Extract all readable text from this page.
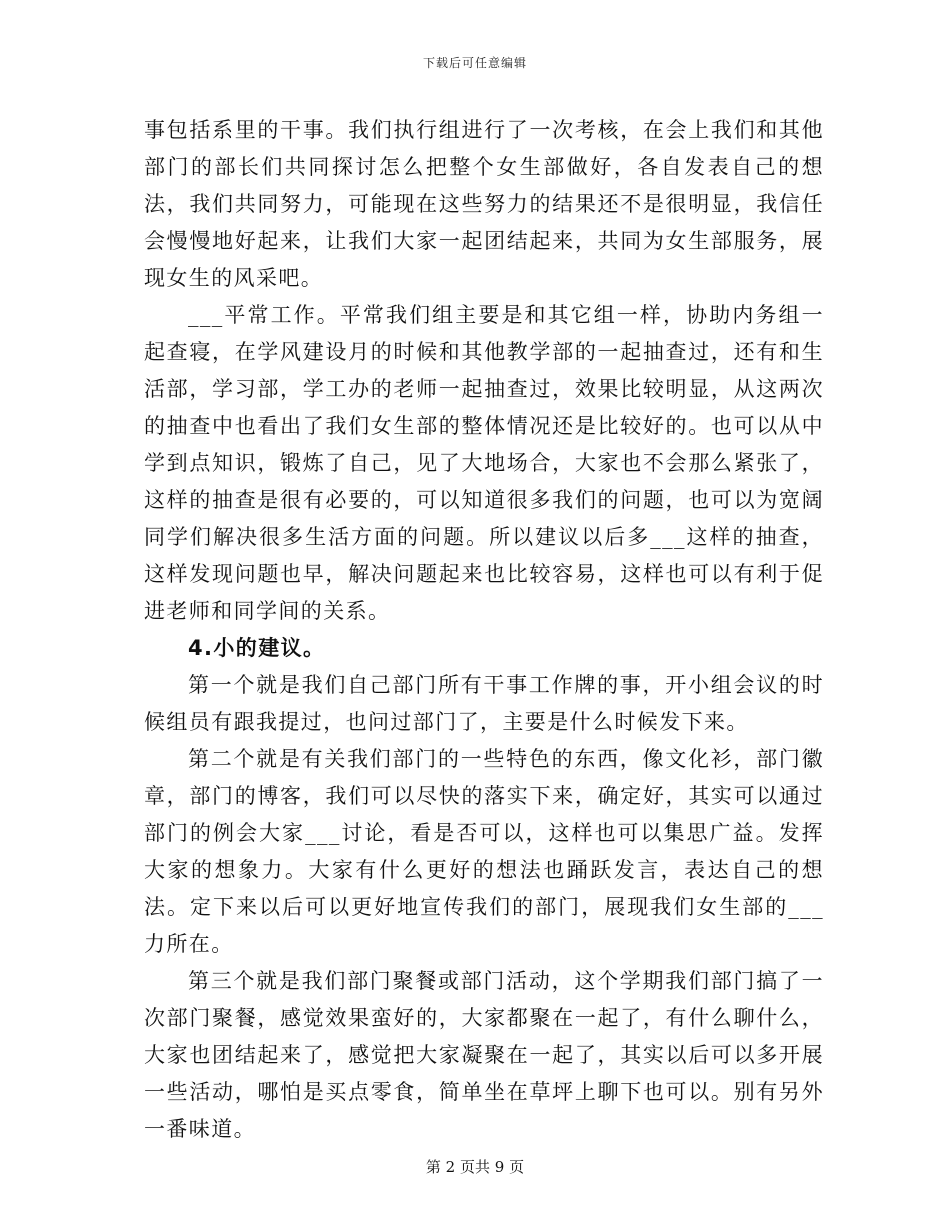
下载后可任意编辑

事包括系里的干事。我们执行组进行了一次考核，在会上我们和其他部门的部长们共同探讨怎么把整个女生部做好，各自发表自己的想法，我们共同努力，可能现在这些努力的结果还不是很明显，我信任会慢慢地好起来，让我们大家一起团结起来，共同为女生部服务，展现女生的风采吧。

___平常工作。平常我们组主要是和其它组一样，协助内务组一起查寝，在学风建设月的时候和其他教学部的一起抽查过，还有和生活部，学习部，学工办的老师一起抽查过，效果比较明显，从这两次的抽查中也看出了我们女生部的整体情况还是比较好的。也可以从中学到点知识，锻炼了自己，见了大地场合，大家也不会那么紧张了，这样的抽查是很有必要的，可以知道很多我们的问题，也可以为宽阔同学们解决很多生活方面的问题。所以建议以后多___这样的抽查，这样发现问题也早，解决问题起来也比较容易，这样也可以有利于促进老师和同学间的关系。

4.小的建议。

第一个就是我们自己部门所有干事工作牌的事，开小组会议的时候组员有跟我提过，也问过部门了，主要是什么时候发下来。

第二个就是有关我们部门的一些特色的东西，像文化衫，部门徽章，部门的博客，我们可以尽快的落实下来，确定好，其实可以通过部门的例会大家___讨论，看是否可以，这样也可以集思广益。发挥大家的想象力。大家有什么更好的想法也踊跃发言，表达自己的想法。定下来以后可以更好地宣传我们的部门，展现我们女生部的___力所在。

第三个就是我们部门聚餐或部门活动，这个学期我们部门搞了一次部门聚餐，感觉效果蛮好的，大家都聚在一起了，有什么聊什么，大家也团结起来了，感觉把大家凝聚在一起了，其实以后可以多开展一些活动，哪怕是买点零食，简单坐在草坪上聊下也可以。别有另外一番味道。

第 2 页共 9 页
